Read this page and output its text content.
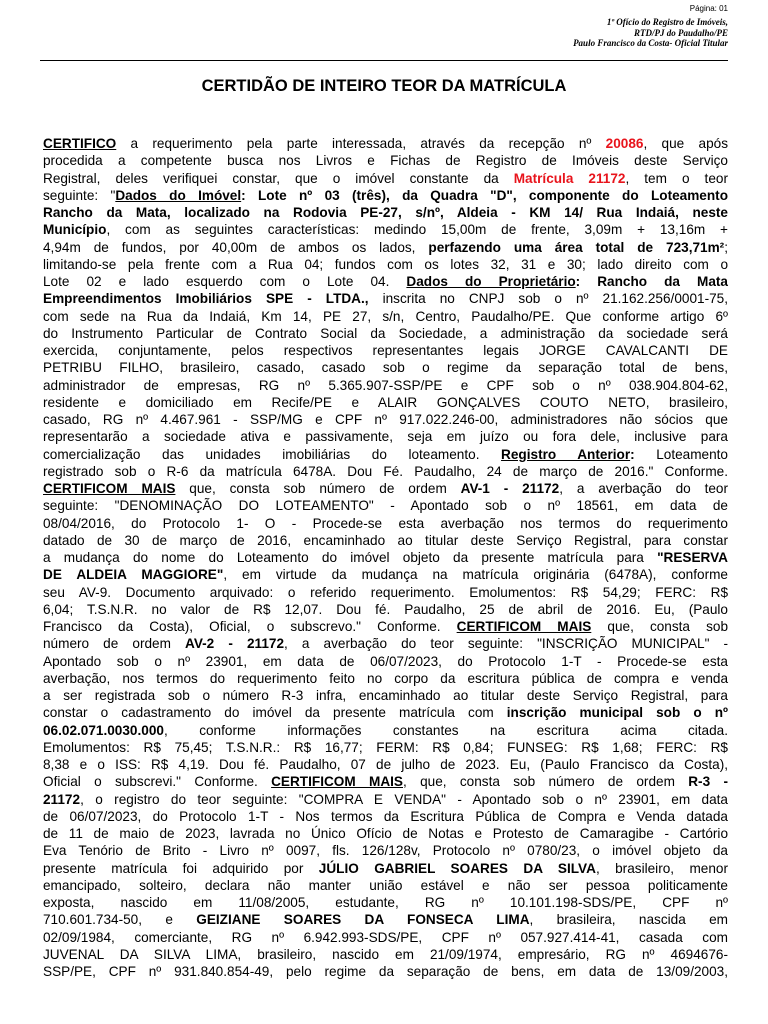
Página: 01
1º Ofício do Registro de Imóveis,
RTD/PJ do Paudalho/PE
Paulo Francisco da Costa- Oficial Titular
CERTIDÃO DE INTEIRO TEOR DA MATRÍCULA
CERTIFICO a requerimento pela parte interessada, através da recepção nº 20086, que após
procedida a competente busca nos Livros e Fichas de Registro de Imóveis deste Serviço
Registral, deles verifiquei constar, que o imóvel constante da Matrícula 21172, tem o teor
seguinte: "Dados do Imóvel: Lote nº 03 (três), da Quadra "D", componente do Loteamento
Rancho da Mata, localizado na Rodovia PE-27, s/nº, Aldeia - KM 14/ Rua Indaiá, neste
Município, com as seguintes características: medindo 15,00m de frente, 3,09m + 13,16m +
4,94m de fundos, por 40,00m de ambos os lados, perfazendo uma área total de 723,71m²;
limitando-se pela frente com a Rua 04; fundos com os lotes 32, 31 e 30; lado direito com o
Lote 02 e lado esquerdo com o Lote 04. Dados do Proprietário: Rancho da Mata
Empreendimentos Imobiliários SPE - LTDA., inscrita no CNPJ sob o nº 21.162.256/0001-75,
com sede na Rua da Indaiá, Km 14, PE 27, s/n, Centro, Paudalho/PE. Que conforme artigo 6º
do Instrumento Particular de Contrato Social da Sociedade, a administração da sociedade será
exercida, conjuntamente, pelos respectivos representantes legais JORGE CAVALCANTI DE
PETRIBU FILHO, brasileiro, casado, casado sob o regime da separação total de bens,
administrador de empresas, RG nº 5.365.907-SSP/PE e CPF sob o nº 038.904.804-62,
residente e domiciliado em Recife/PE e ALAIR GONÇALVES COUTO NETO, brasileiro,
casado, RG nº 4.467.961 - SSP/MG e CPF nº 917.022.246-00, administradores não sócios que
representarão a sociedade ativa e passivamente, seja em juízo ou fora dele, inclusive para
comercialização das unidades imobiliárias do loteamento. Registro Anterior: Loteamento
registrado sob o R-6 da matrícula 6478A. Dou Fé. Paudalho, 24 de março de 2016." Conforme.
CERTIFICOM MAIS que, consta sob número de ordem AV-1 - 21172, a averbação do teor
seguinte: "DENOMINAÇÃO DO LOTEAMENTO" - Apontado sob o nº 18561, em data de
08/04/2016, do Protocolo 1- O - Procede-se esta averbação nos termos do requerimento
datado de 30 de março de 2016, encaminhado ao titular deste Serviço Registral, para constar
a mudança do nome do Loteamento do imóvel objeto da presente matrícula para "RESERVA
DE ALDEIA MAGGIORE", em virtude da mudança na matrícula originária (6478A), conforme
seu AV-9. Documento arquivado: o referido requerimento. Emolumentos: R$ 54,29; FERC: R$
6,04; T.S.N.R. no valor de R$ 12,07. Dou fé. Paudalho, 25 de abril de 2016. Eu, (Paulo
Francisco da Costa), Oficial, o subscrevo." Conforme. CERTIFICOM MAIS que, consta sob
número de ordem AV-2 - 21172, a averbação do teor seguinte: "INSCRIÇÃO MUNICIPAL" -
Apontado sob o nº 23901, em data de 06/07/2023, do Protocolo 1-T - Procede-se esta
averbação, nos termos do requerimento feito no corpo da escritura pública de compra e venda
a ser registrada sob o número R-3 infra, encaminhado ao titular deste Serviço Registral, para
constar o cadastramento do imóvel da presente matrícula com inscrição municipal sob o nº
06.02.071.0030.000, conforme informações constantes na escritura acima citada.
Emolumentos: R$ 75,45; T.S.N.R.: R$ 16,77; FERM: R$ 0,84; FUNSEG: R$ 1,68; FERC: R$
8,38 e o ISS: R$ 4,19. Dou fé. Paudalho, 07 de julho de 2023. Eu, (Paulo Francisco da Costa),
Oficial o subscrevi." Conforme. CERTIFICOM MAIS, que, consta sob número de ordem R-3 -
21172, o registro do teor seguinte: "COMPRA E VENDA" - Apontado sob o nº 23901, em data
de 06/07/2023, do Protocolo 1-T - Nos termos da Escritura Pública de Compra e Venda datada
de 11 de maio de 2023, lavrada no Único Ofício de Notas e Protesto de Camaragibe - Cartório
Eva Tenório de Brito - Livro nº 0097, fls. 126/128v, Protocolo nº 0780/23, o imóvel objeto da
presente matrícula foi adquirido por JÚLIO GABRIEL SOARES DA SILVA, brasileiro, menor
emancipado, solteiro, declara não manter união estável e não ser pessoa politicamente
exposta, nascido em 11/08/2005, estudante, RG nº 10.101.198-SDS/PE, CPF nº
710.601.734-50, e GEIZIANE SOARES DA FONSECA LIMA, brasileira, nascida em
02/09/1984, comerciante, RG nº 6.942.993-SDS/PE, CPF nº 057.927.414-41, casada com
JUVENAL DA SILVA LIMA, brasileiro, nascido em 21/09/1974, empresário, RG nº 4694676-
SSP/PE, CPF nº 931.840.854-49, pelo regime da separação de bens, em data de 13/09/2003,
